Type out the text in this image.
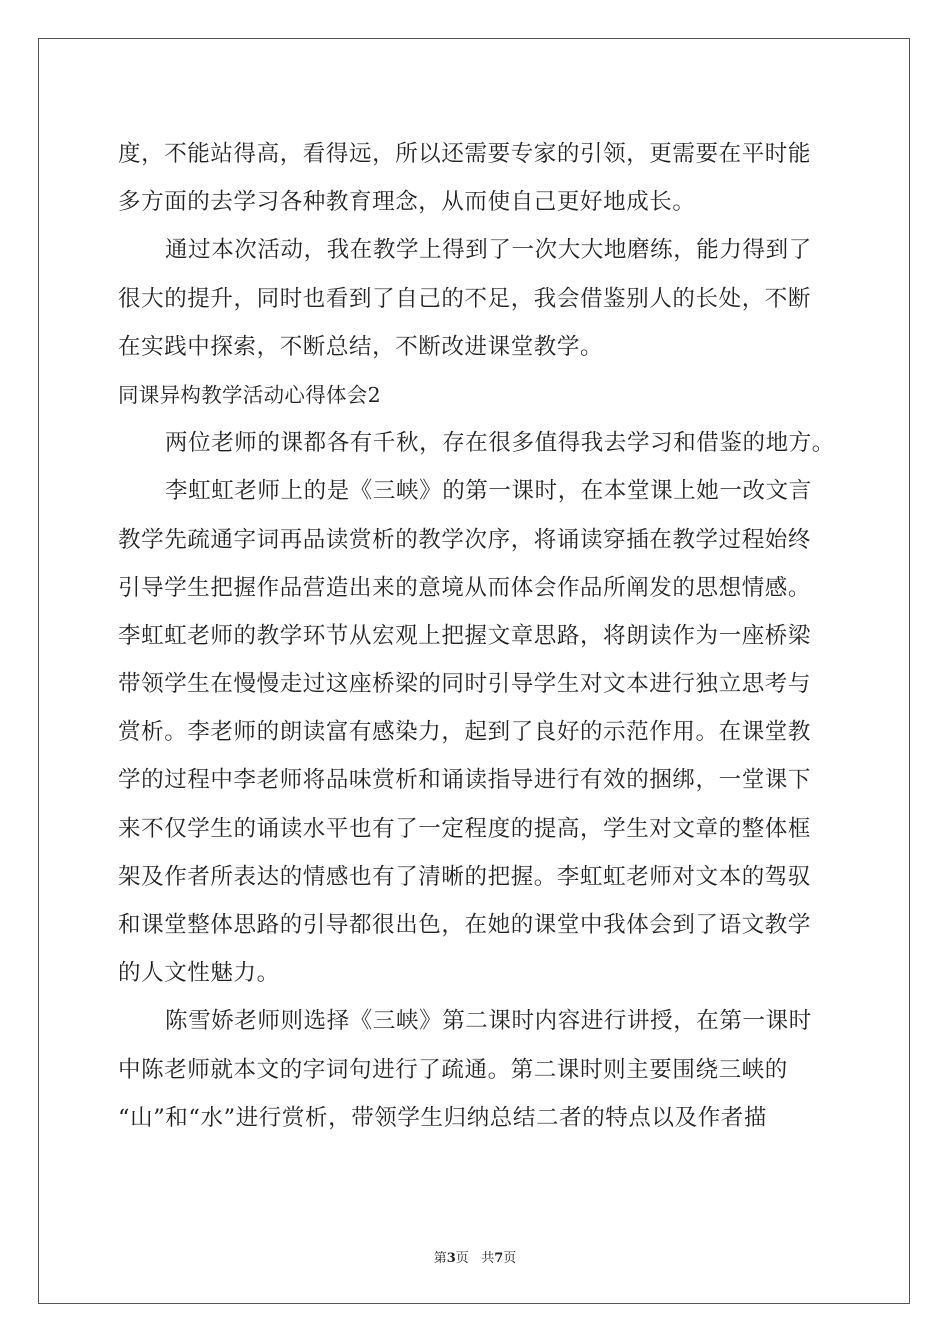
度，不能站得高，看得远，所以还需要专家的引领，更需要在平时能
多方面的去学习各种教育理念，从而使自己更好地成长。
通过本次活动，我在教学上得到了一次大大地磨练，能力得到了
很大的提升，同时也看到了自己的不足，我会借鉴别人的长处，不断
在实践中探索，不断总结，不断改进课堂教学。
同课异构教学活动心得体会2
两位老师的课都各有千秋，存在很多值得我去学习和借鉴的地方。
李虹虹老师上的是《三峡》的第一课时，在本堂课上她一改文言
教学先疏通字词再品读赏析的教学次序，将诵读穿插在教学过程始终
引导学生把握作品营造出来的意境从而体会作品所阐发的思想情感。
李虹虹老师的教学环节从宏观上把握文章思路，将朗读作为一座桥梁
带领学生在慢慢走过这座桥梁的同时引导学生对文本进行独立思考与
赏析。李老师的朗读富有感染力，起到了良好的示范作用。在课堂教
学的过程中李老师将品味赏析和诵读指导进行有效的捆绑，一堂课下
来不仅学生的诵读水平也有了一定程度的提高，学生对文章的整体框
架及作者所表达的情感也有了清晰的把握。李虹虹老师对文本的驾驭
和课堂整体思路的引导都很出色，在她的课堂中我体会到了语文教学
的人文性魅力。
陈雪娇老师则选择《三峡》第二课时内容进行讲授，在第一课时
中陈老师就本文的字词句进行了疏通。第二课时则主要围绕三峡的
“山”和“水”进行赏析，带领学生归纳总结二者的特点以及作者描
第3页 共7页
